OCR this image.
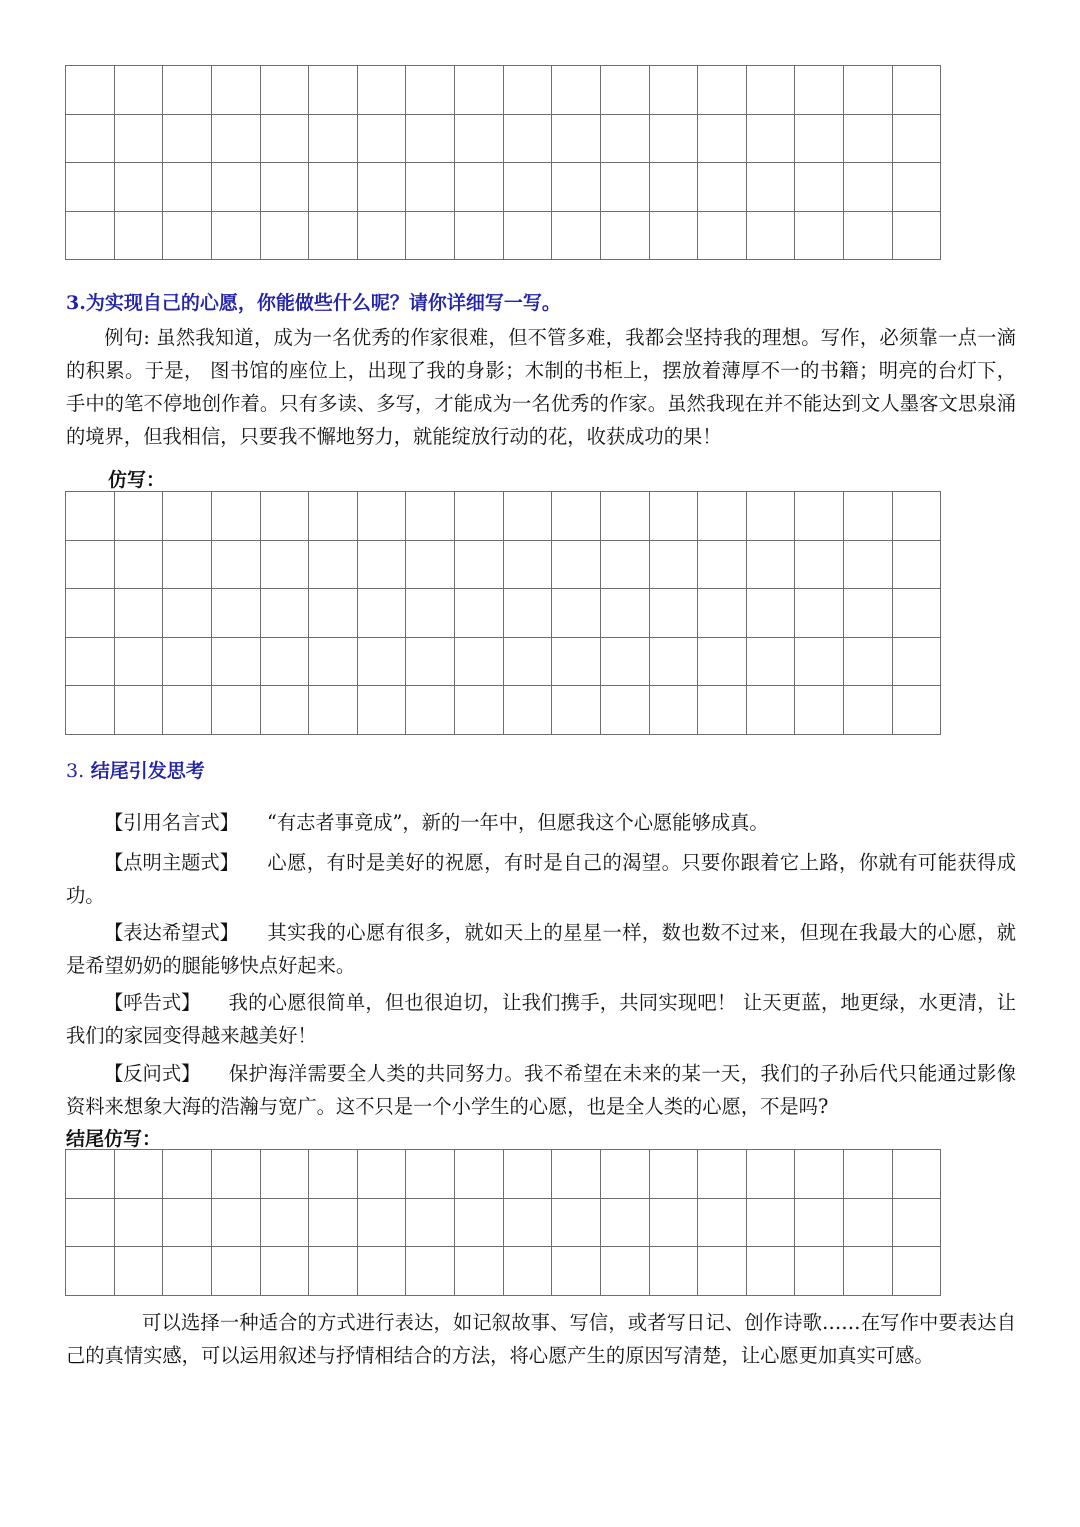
3.为实现自己的心愿，你能做些什么呢？请你详细写一写。

例句: 虽然我知道，成为一名优秀的作家很难，但不管多难，我都会坚持我的理想。写作，必须靠一点一滴的积累。于是， 图书馆的座位上，出现了我的身影；木制的书柜上，摆放着薄厚不一的书籍；明亮的台灯下，手中的笔不停地创作着。只有多读、多写，才能成为一名优秀的作家。虽然我现在并不能达到文人墨客文思泉涌的境界，但我相信，只要我不懈地努力，就能绽放行动的花，收获成功的果！

仿写：

3. 结尾引发思考

【引用名言式】 “有志者事竟成”，新的一年中，但愿我这个心愿能够成真。

【点明主题式】 心愿，有时是美好的祝愿，有时是自己的渴望。只要你跟着它上路，你就有可能获得成功。

【表达希望式】 其实我的心愿有很多，就如天上的星星一样，数也数不过来，但现在我最大的心愿，就是希望奶奶的腿能够快点好起来。

【呼告式】 我的心愿很简单，但也很迫切，让我们携手，共同实现吧！ 让天更蓝，地更绿，水更清，让我们的家园变得越来越美好！

【反问式】 保护海洋需要全人类的共同努力。我不希望在未来的某一天，我们的子孙后代只能通过影像资料来想象大海的浩瀚与宽广。这不只是一个小学生的心愿，也是全人类的心愿，不是吗?

结尾仿写：

可以选择一种适合的方式进行表达，如记叙故事、写信，或者写日记、创作诗歌……在写作中要表达自己的真情实感，可以运用叙述与抒情相结合的方法，将心愿产生的原因写清楚，让心愿更加真实可感。
